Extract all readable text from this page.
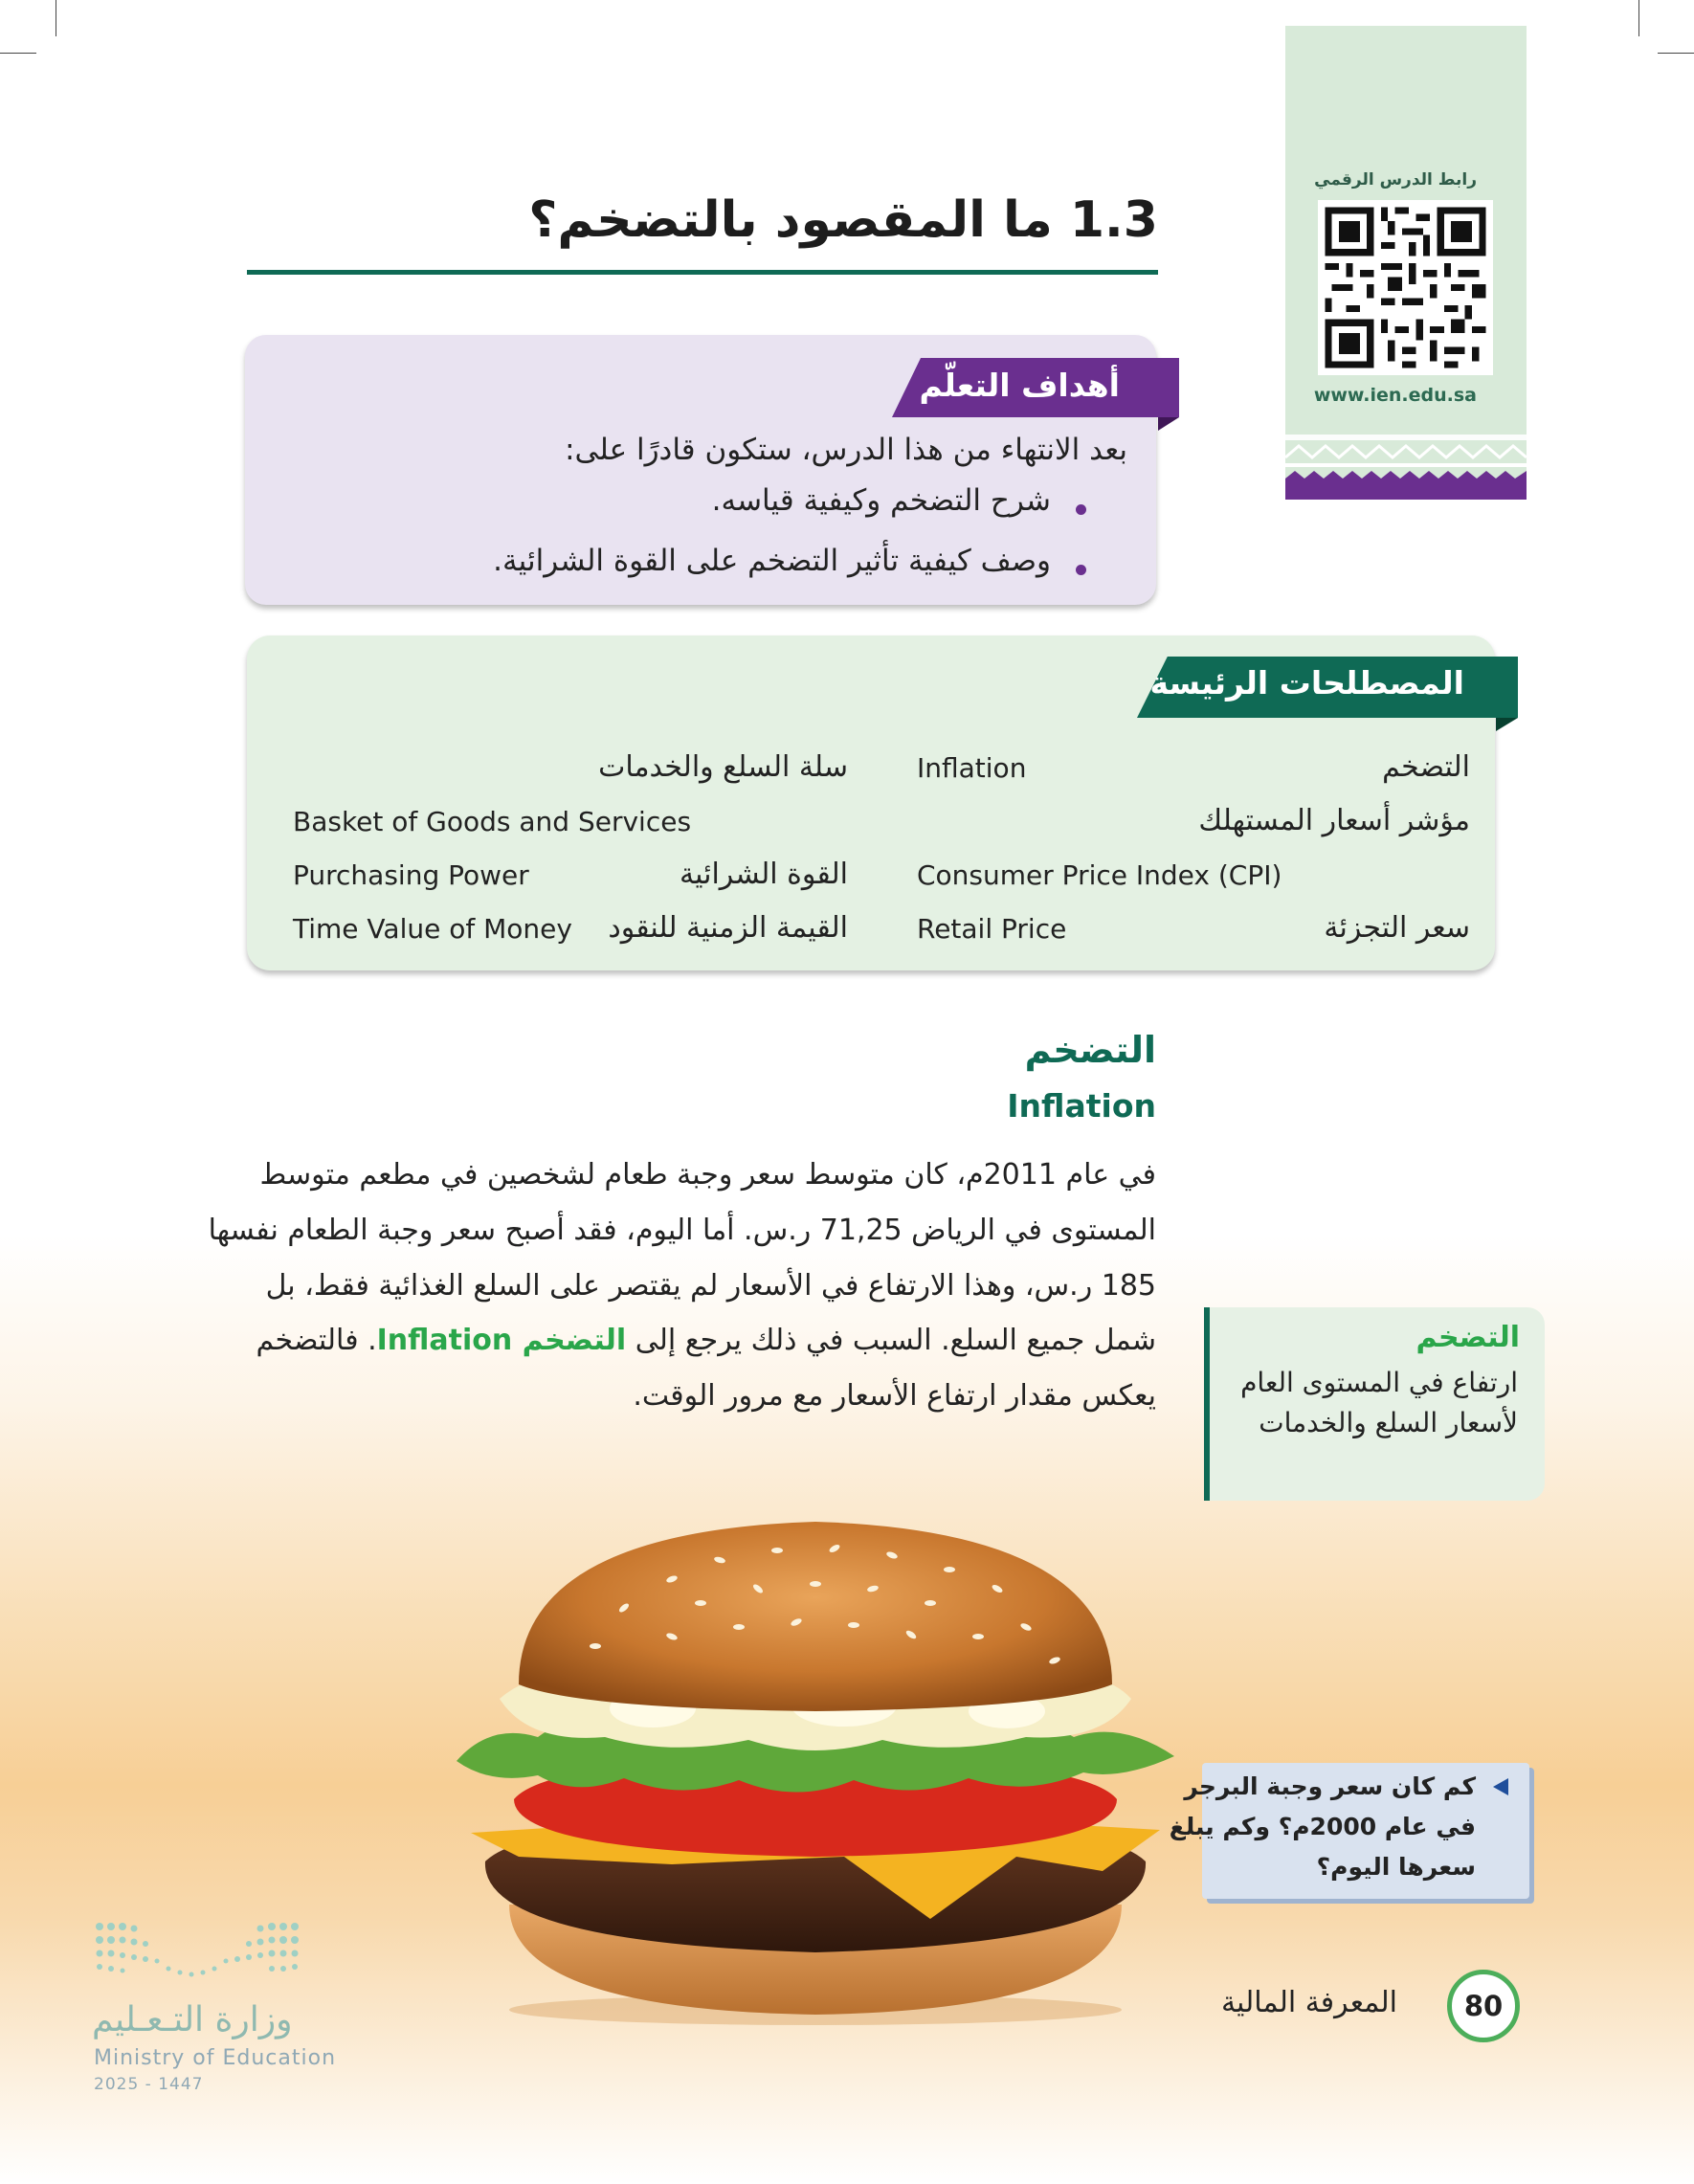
رابط الدرس الرقمي
www.ien.edu.sa
1.3 ما المقصود بالتضخم؟
أهداف التعلّم
بعد الانتهاء من هذا الدرس، ستكون قادرًا على:
شرح التضخم وكيفية قياسه.
وصف كيفية تأثير التضخم على القوة الشرائية.
المصطلحات الرئيسة
التضخم
Inflation
سلة السلع والخدمات
مؤشر أسعار المستهلك
Basket of Goods and Services
Consumer Price Index (CPI)
القوة الشرائية
Purchasing Power
سعر التجزئة
Retail Price
القيمة الزمنية للنقود
Time Value of Money
التضخم
Inflation
في عام 2011م، كان متوسط سعر وجبة طعام لشخصين في مطعم متوسط
المستوى في الرياض 71,25 ر.س. أما اليوم، فقد أصبح سعر وجبة الطعام نفسها
185 ر.س، وهذا الارتفاع في الأسعار لم يقتصر على السلع الغذائية فقط، بل
شمل جميع السلع. السبب في ذلك يرجع إلى التضخم Inflation. فالتضخم
يعكس مقدار ارتفاع الأسعار مع مرور الوقت.
التضخم
ارتفاع في المستوى العام
لأسعار السلع والخدمات
كم كان سعر وجبة البرجر
في عام 2000م؟ وكم يبلغ
سعرها اليوم؟
80
المعرفة المالية
وزارة التـعـليم
Ministry of Education
2025 - 1447
